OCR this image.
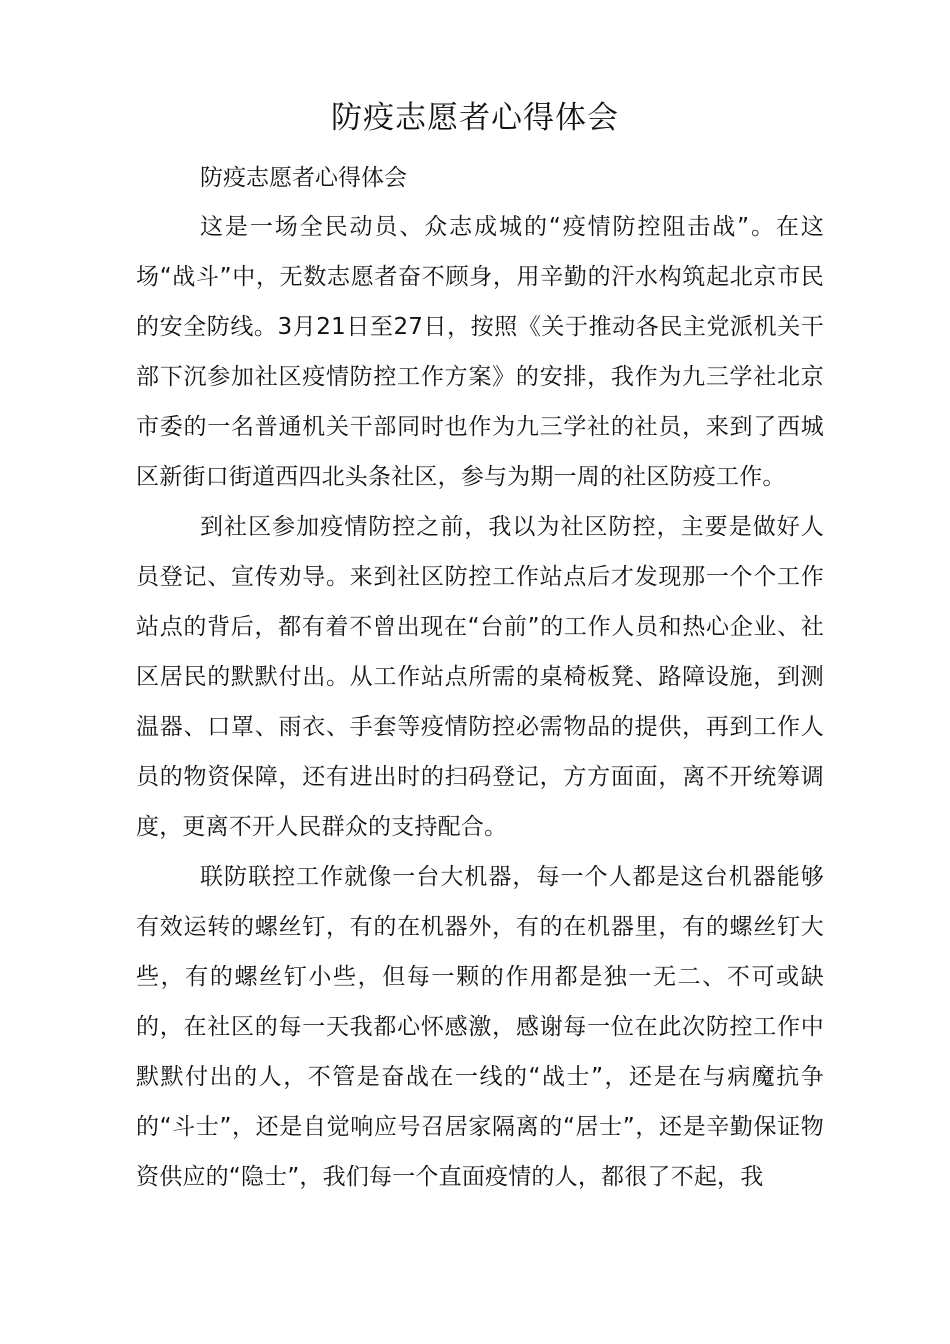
防疫志愿者心得体会

防疫志愿者心得体会

这是一场全民动员、众志成城的“疫情防控阻击战”。在这场“战斗”中，无数志愿者奋不顾身，用辛勤的汗水构筑起北京市民的安全防线。3月21日至27日，按照《关于推动各民主党派机关干部下沉参加社区疫情防控工作方案》的安排，我作为九三学社北京市委的一名普通机关干部同时也作为九三学社的社员，来到了西城区新街口街道西四北头条社区，参与为期一周的社区防疫工作。

到社区参加疫情防控之前，我以为社区防控，主要是做好人员登记、宣传劝导。来到社区防控工作站点后才发现那一个个工作站点的背后，都有着不曾出现在“台前”的工作人员和热心企业、社区居民的默默付出。从工作站点所需的桌椅板凳、路障设施，到测温器、口罩、雨衣、手套等疫情防控必需物品的提供，再到工作人员的物资保障，还有进出时的扫码登记，方方面面，离不开统筹调度，更离不开人民群众的支持配合。

联防联控工作就像一台大机器，每一个人都是这台机器能够有效运转的螺丝钉，有的在机器外，有的在机器里，有的螺丝钉大些，有的螺丝钉小些，但每一颗的作用都是独一无二、不可或缺的，在社区的每一天我都心怀感激，感谢每一位在此次防控工作中默默付出的人，不管是奋战在一线的“战士”，还是在与病魔抗争的“斗士”，还是自觉响应号召居家隔离的“居士”，还是辛勤保证物资供应的“隐士”，我们每一个直面疫情的人，都很了不起，我
